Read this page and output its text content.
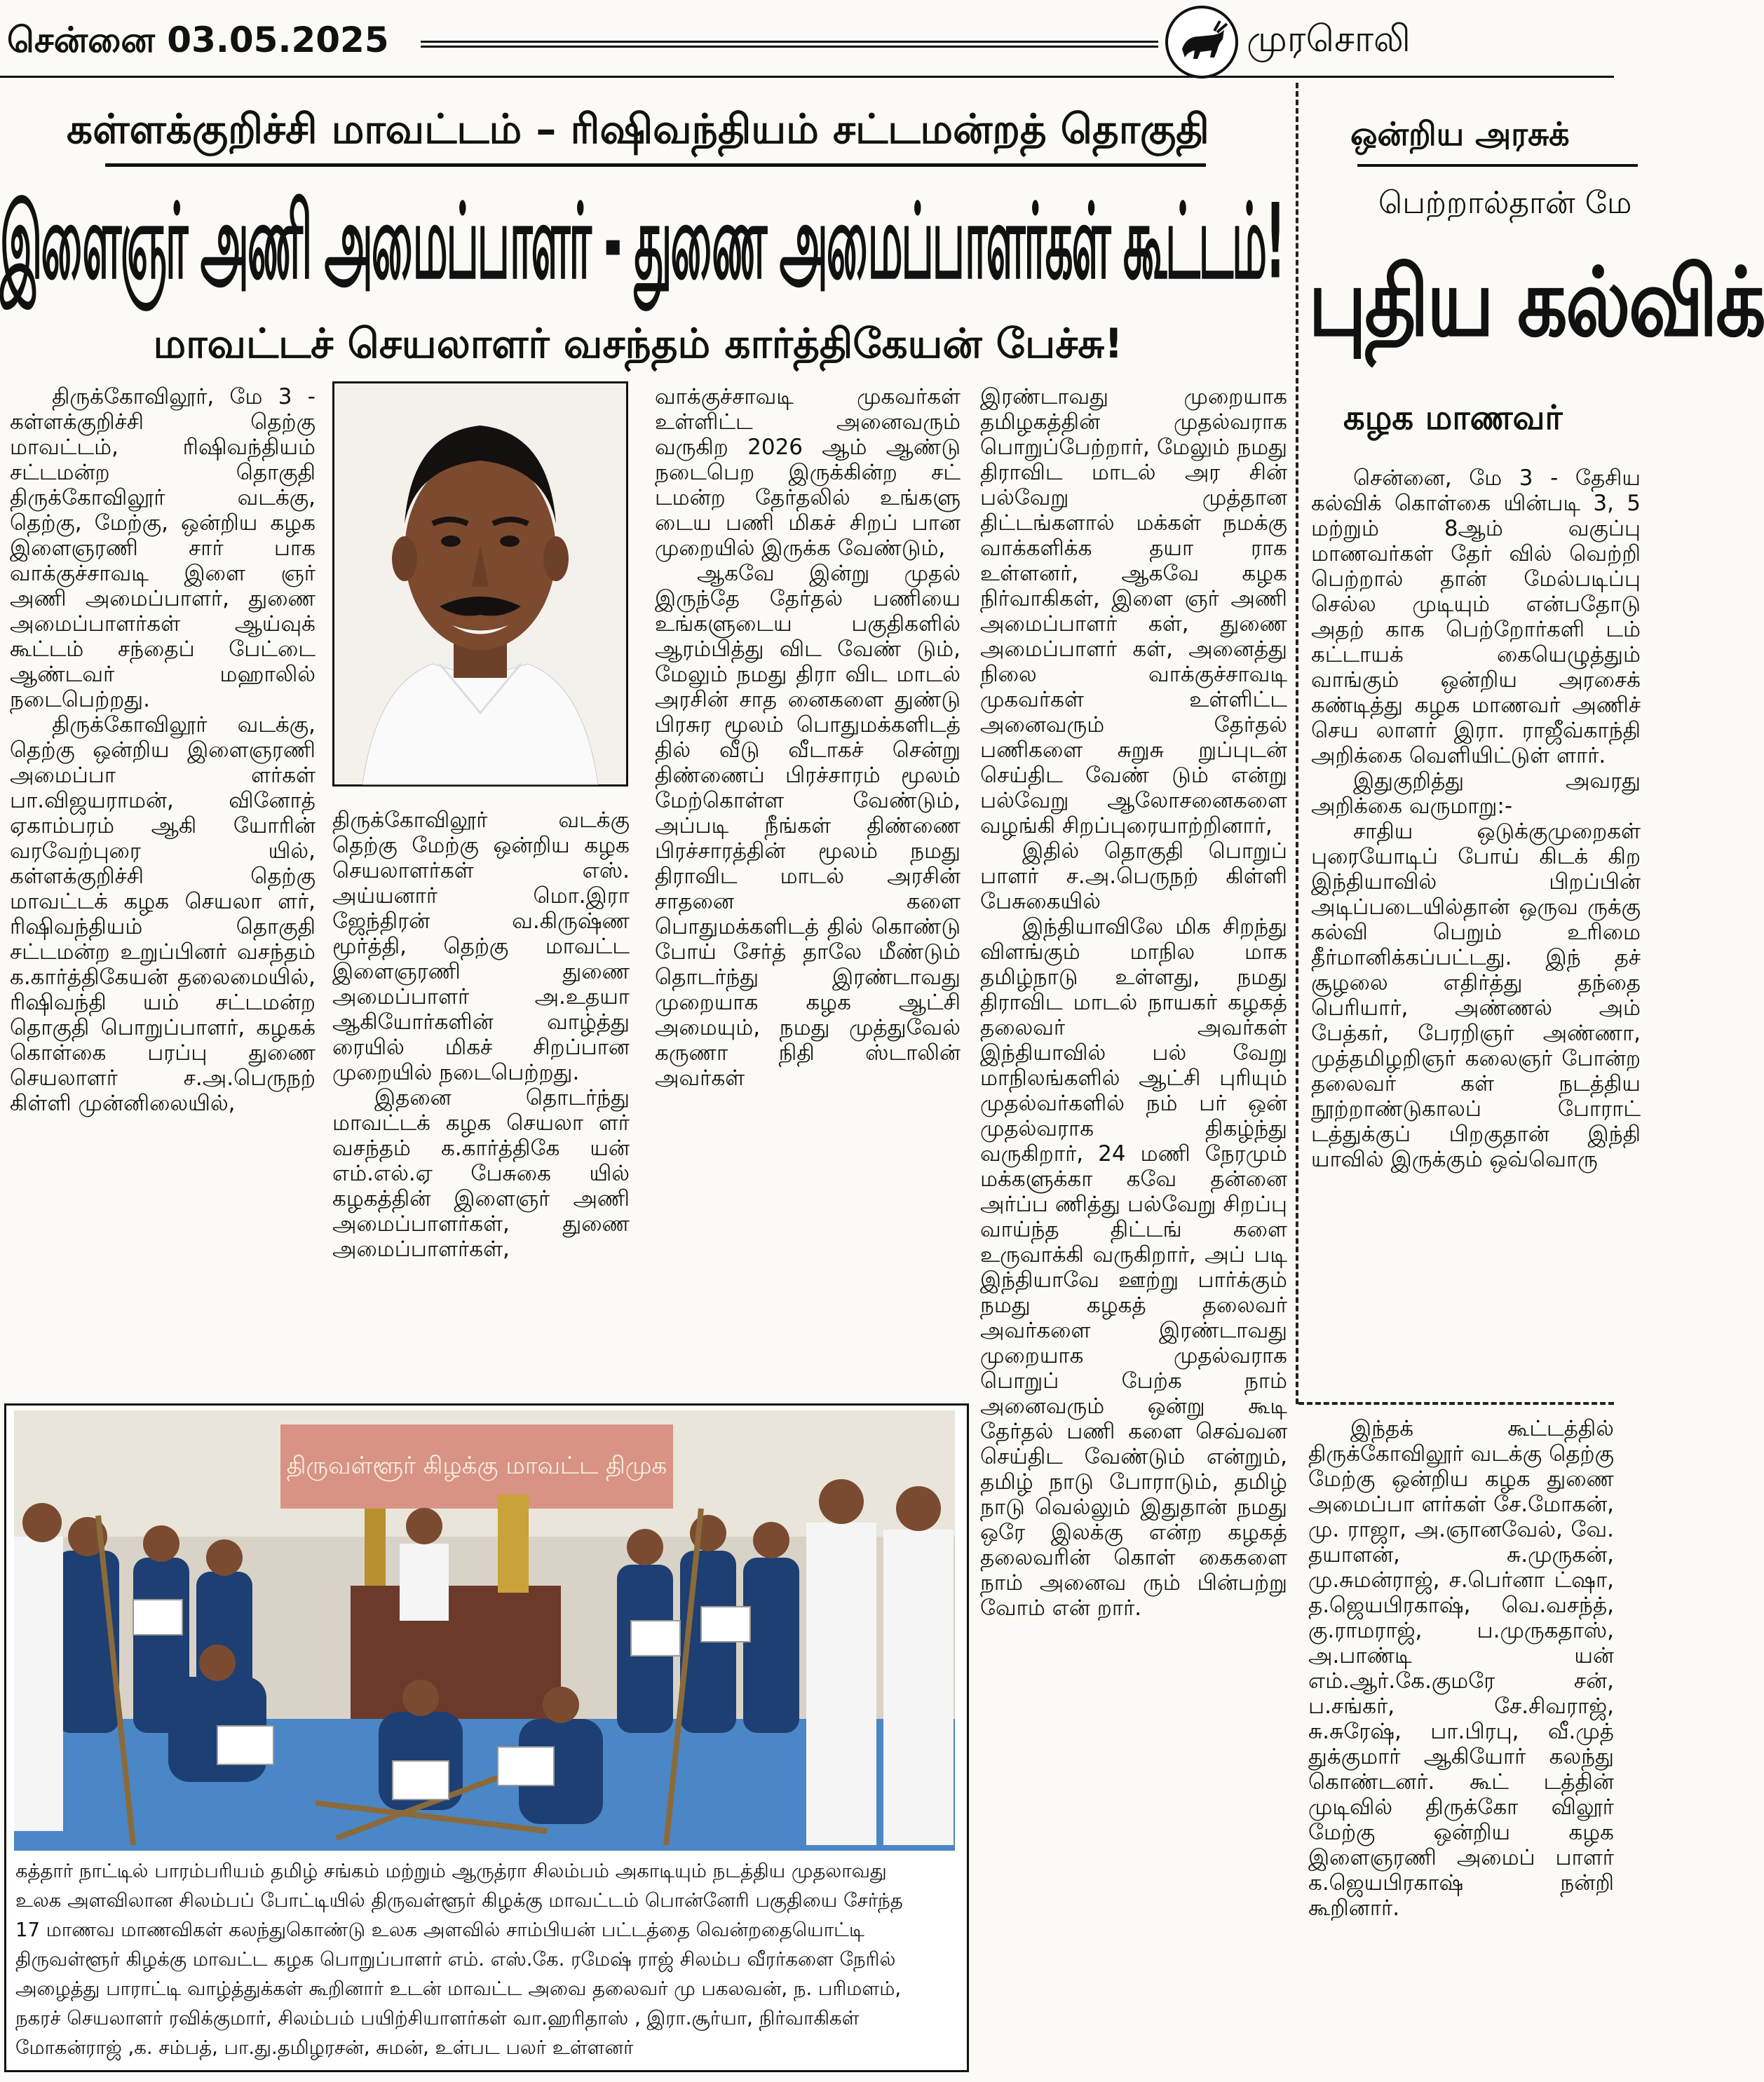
சென்னை 03.05.2025	முரசொலி
கள்ளக்குறிச்சி மாவட்டம் – ரிஷிவந்தியம் சட்டமன்றத் தொகுதி
இளைஞர் அணி அமைப்பாளர் - துணை அமைப்பாளர்கள் கூட்டம்!
மாவட்டச் செயலாளர் வசந்தம் கார்த்திகேயன் பேச்சு!

திருக்கோவிலூர், மே 3 - கள்ளக்குறிச்சி தெற்கு மாவட்டம், ரிஷிவந்தியம் சட்டமன்ற தொகுதி திருக்கோவிலூர் வடக்கு, தெற்கு, மேற்கு, ஒன்றிய கழக இளைஞரணி சார் பாக வாக்குச்சாவடி இளை ஞர் அணி அமைப்பாளர், துணை அமைப்பாளர்கள் ஆய்வுக் கூட்டம் சந்தைப் பேட்டை ஆண்டவர் மஹாலில் நடைபெற்றது.

திருக்கோவிலூர் வடக்கு, தெற்கு ஒன்றிய இளைஞரணி அமைப்பா ளர்கள் பா.விஜயராமன், வினோத் ஏகாம்பரம் ஆகி யோரின் வரவேற்புரை யில், கள்ளக்குறிச்சி தெற்கு மாவட்டக் கழக செயலா ளர், ரிஷிவந்தியம் தொகுதி சட்டமன்ற உறுப்பினர் வசந்தம் க.கார்த்திகேயன் தலைமையில், ரிஷிவந்தி யம் சட்டமன்ற தொகுதி பொறுப்பாளர், கழகக் கொள்கை பரப்பு துணை செயலாளர் ச.அ.பெருநற் கிள்ளி முன்னிலையில்,

திருக்கோவிலூர் வடக்கு தெற்கு மேற்கு ஒன்றிய கழக செயலாளர்கள் எஸ். அய்யனார் மொ.இரா ஜேந்திரன் வ.கிருஷ்ண மூர்த்தி, தெற்கு மாவட்ட இளைஞரணி துணை அமைப்பாளர் அ.உதயா ஆகியோர்களின் வாழ்த்து ரையில் மிகச் சிறப்பான முறையில் நடைபெற்றது.

இதனை தொடர்ந்து மாவட்டக் கழக செயலா ளர் வசந்தம் க.கார்த்திகே யன் எம்.எல்.ஏ பேசுகை யில் கழகத்தின் இளைஞர் அணி அமைப்பாளர்கள், துணை அமைப்பாளர்கள்,

வாக்குச்சாவடி முகவர்கள் உள்ளிட்ட அனைவரும் வருகிற 2026 ஆம் ஆண்டு நடைபெற இருக்கின்ற சட் டமன்ற தேர்தலில் உங்களு டைய பணி மிகச் சிறப் பான முறையில் இருக்க வேண்டும்,

ஆகவே இன்று முதல் இருந்தே தேர்தல் பணியை உங்களுடைய பகுதிகளில் ஆரம்பித்து விட வேண் டும், மேலும் நமது திரா விட மாடல் அரசின் சாத னைகளை துண்டு பிரசுர மூலம் பொதுமக்களிடத் தில் வீடு வீடாகச் சென்று திண்ணைப் பிரச்சாரம் மூலம் மேற்கொள்ள வேண்டும், அப்படி நீங்கள் திண்ணை பிரச்சாரத்தின் மூலம் நமது திராவிட மாடல் அரசின் சாதனை களை பொதுமக்களிடத் தில் கொண்டு போய் சேர்த் தாலே மீண்டும் தொடர்ந்து இரண்டாவது முறையாக கழக ஆட்சி அமையும், நமது முத்துவேல் கருணா நிதி ஸ்டாலின் அவர்கள்

இரண்டாவது முறையாக தமிழகத்தின் முதல்வராக பொறுப்பேற்றார், மேலும் நமது திராவிட மாடல் அர சின் பல்வேறு முத்தான திட்டங்களால் மக்கள் நமக்கு வாக்களிக்க தயா ராக உள்ளனர், ஆகவே கழக நிர்வாகிகள், இளை ஞர் அணி அமைப்பாளர் கள், துணை அமைப்பாளர் கள், அனைத்து நிலை வாக்குச்சாவடி முகவர்கள் உள்ளிட்ட அனைவரும் தேர்தல் பணிகளை சுறுசு றுப்புடன் செய்திட வேண் டும் என்று பல்வேறு ஆலோசனைகளை வழங்கி சிறப்புரையாற்றினார்,

இதில் தொகுதி பொறுப் பாளர் ச.அ.பெருநற் கிள்ளி பேசுகையில்

இந்தியாவிலே மிக சிறந்து விளங்கும் மாநில மாக தமிழ்நாடு உள்ளது, நமது திராவிட மாடல் நாயகர் கழகத் தலைவர் அவர்கள் இந்தியாவில் பல் வேறு மாநிலங்களில் ஆட்சி புரியும் முதல்வர்களில் நம் பர் ஒன் முதல்வராக திகழ்ந்து வருகிறார், 24 மணி நேரமும் மக்களுக்கா கவே தன்னை அர்ப்ப ணித்து பல்வேறு சிறப்பு வாய்ந்த திட்டங் களை உருவாக்கி வருகிறார், அப் படி இந்தியாவே ஊற்று பார்க்கும் நமது கழகத் தலைவர் அவர்களை இரண்டாவது முறையாக முதல்வராக பொறுப் பேற்க நாம் அனைவரும் ஒன்று கூடி தேர்தல் பணி களை செவ்வன செய்திட வேண்டும் என்றும், தமிழ் நாடு போராடும், தமிழ் நாடு வெல்லும் இதுதான் நமது ஒரே இலக்கு என்ற கழகத் தலைவரின் கொள் கைகளை நாம் அனைவ ரும் பின்பற்று வோம் என் றார்.

திருவள்ளூர் கிழக்கு மாவட்ட திமுக

கத்தார் நாட்டில் பாரம்பரியம் தமிழ் சங்கம் மற்றும் ஆருத்ரா சிலம்பம் அகாடியும் நடத்திய முதலாவது

உலக அளவிலான சிலம்பப் போட்டியில் திருவள்ளூர் கிழக்கு மாவட்டம் பொன்னேரி பகுதியை சேர்ந்த

17 மாணவ மாணவிகள் கலந்துகொண்டு உலக அளவில் சாம்பியன் பட்டத்தை வென்றதையொட்டி

திருவள்ளூர் கிழக்கு மாவட்ட கழக பொறுப்பாளர் எம். எஸ்.கே. ரமேஷ் ராஜ் சிலம்ப வீரர்களை நேரில்

அழைத்து பாராட்டி வாழ்த்துக்கள் கூறினார் உடன் மாவட்ட அவை தலைவர் மு பகலவன், ந. பரிமளம்,

நகரச் செயலாளர் ரவிக்குமார், சிலம்பம் பயிற்சியாளர்கள் வா.ஹரிதாஸ் , இரா.சூர்யா, நிர்வாகிகள்

மோகன்ராஜ் ,க. சம்பத், பா.து.தமிழரசன், சுமன், உள்பட பலர் உள்ளனர்

ஒன்றிய அரசுக்
பெற்றால்தான் மே
புதிய கல்விக்
கழக மாணவர்

சென்னை, மே 3 - தேசிய கல்விக் கொள்கை யின்படி 3, 5 மற்றும் 8ஆம் வகுப்பு மாணவர்கள் தேர் வில் வெற்றி பெற்றால் தான் மேல்படிப்பு செல்ல முடியும் என்பதோடு அதற் காக பெற்றோர்களி டம் கட்டாயக் கையெழுத்தும் வாங்கும் ஒன்றிய அரசைக் கண்டித்து கழக மாணவர் அணிச் செய லாளர் இரா. ராஜீவ்காந்தி அறிக்கை வெளியிட்டுள் ளார்.

இதுகுறித்து அவரது அறிக்கை வருமாறு:-

சாதிய ஒடுக்குமுறைகள் புரையோடிப் போய் கிடக் கிற இந்தியாவில் பிறப்பின் அடிப்படையில்தான் ஒருவ ருக்கு கல்வி பெறும் உரிமை தீர்மானிக்கப்பட்டது. இந் தச் சூழலை எதிர்த்து தந்தை பெரியார், அண்ணல் அம் பேத்கர், பேரறிஞர் அண்ணா, முத்தமிழறிஞர் கலைஞர் போன்ற தலைவர் கள் நடத்திய நூற்றாண்டுகாலப் போராட் டத்துக்குப் பிறகுதான் இந்தி யாவில் இருக்கும் ஒவ்வொரு

இந்தக் கூட்டத்தில் திருக்கோவிலூர் வடக்கு தெற்கு மேற்கு ஒன்றிய கழக துணை அமைப்பா ளர்கள் சே.மோகன், மு. ராஜா, அ.ஞானவேல், வே. தயாளன், சு.முருகன், மு.சுமன்ராஜ், ச.பெர்னா ட்ஷா, த.ஜெயபிரகாஷ், வெ.வசந்த், கு.ராமராஜ், ப.முருகதாஸ், அ.பாண்டி யன் எம்.ஆர்.கே.குமரே சன், ப.சங்கர், சே.சிவராஜ், சு.சுரேஷ், பா.பிரபு, வீ.முத் துக்குமார் ஆகியோர் கலந்து கொண்டனர். கூட் டத்தின் முடிவில் திருக்கோ விலூர் மேற்கு ஒன்றிய கழக இளைஞரணி அமைப் பாளர் க.ஜெயபிரகாஷ் நன்றி கூறினார்.
